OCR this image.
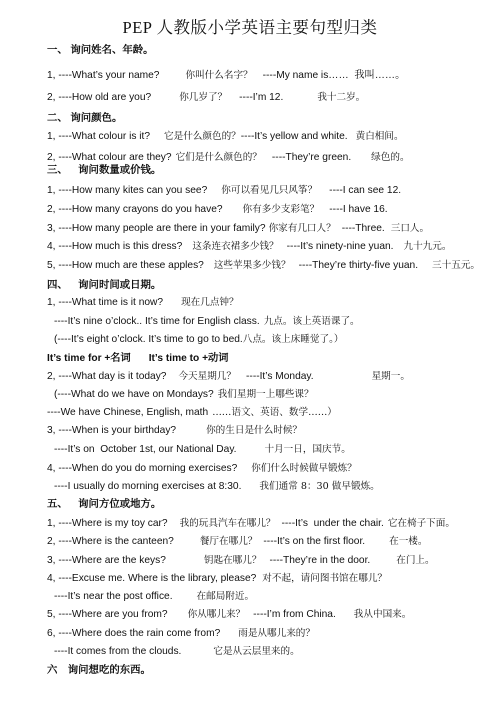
PEP 人教版小学英语主要句型归类
一、 询问姓名、年龄。
1, ----What’s your name?	你叫什么名字？ ----My name is……  我叫……。
2, ----How old are you?	你几岁了？ ----I’m 12.	我十二岁。
二、 询问颜色。
1, ----What colour is it? 它是什么颜色的？----It’s yellow and white. 黄白相间。
2, ----What colour are they? 它们是什么颜色的？ ----They’re green. 绿色的。
三、    询问数量或价钱。
1, ----How many kites can you see? 你可以看见几只风筝？ ----I can see 12.
2, ----How many crayons do you have? 你有多少支彩笔？ ----I have 16.
3, ----How many people are there in your family? 你家有几口人？ ----Three. 三口人。
4, ----How much is this dress? 这条连衣裙多少钱？ ----It’s ninety-nine yuan. 九十九元。
5, ----How much are these apples? 这些苹果多少钱？ ----They’re thirty-five yuan. 三十五元。
四、    询问时间或日期。
1, ----What time is it now? 现在几点钟？
----It’s nine o’clock.. It’s time for English class. 九点。该上英语课了。
(----It’s eight o’clock. It’s time to go to bed.八点。该上床睡觉了。）
It’s time for +名词 It’s time to +动词
2, ----What day is it today? 今天星期几？ ----It’s Monday.	星期一。
(----What do we have on Mondays? 我们星期一上哪些课？
----We have Chinese, English, math ……语文、英语、数学……）
3, ----When is your birthday?	你的生日是什么时候？
----It’s on  October 1st, our National Day.	十月一日，国庆节。
4, ----When do you do morning exercises? 你们什么时候做早锻炼？
----I usually do morning exercises at 8:30. 我们通常 8：30 做早锻炼。
五、    询问方位或地方。
1, ----Where is my toy car? 我的玩具汽车在哪儿？ ----It’s  under the chair. 它在椅子下面。
2, ----Where is the canteen?	餐厅在哪儿？ ----It’s on the first floor.	在一楼。
3, ----Where are the keys?	钥匙在哪儿？ ----They’re in the door.	在门上。
4, ----Excuse me. Where is the library, please? 对不起，请问图书馆在哪儿？
----It’s near the post office.	在邮局附近。
5, ----Where are you from? 你从哪儿来？ ----I’m from China. 我从中国来。
6, ----Where does the rain come from? 雨是从哪儿来的？
----It comes from the clouds.	它是从云层里来的。
六    询问想吃的东西。
